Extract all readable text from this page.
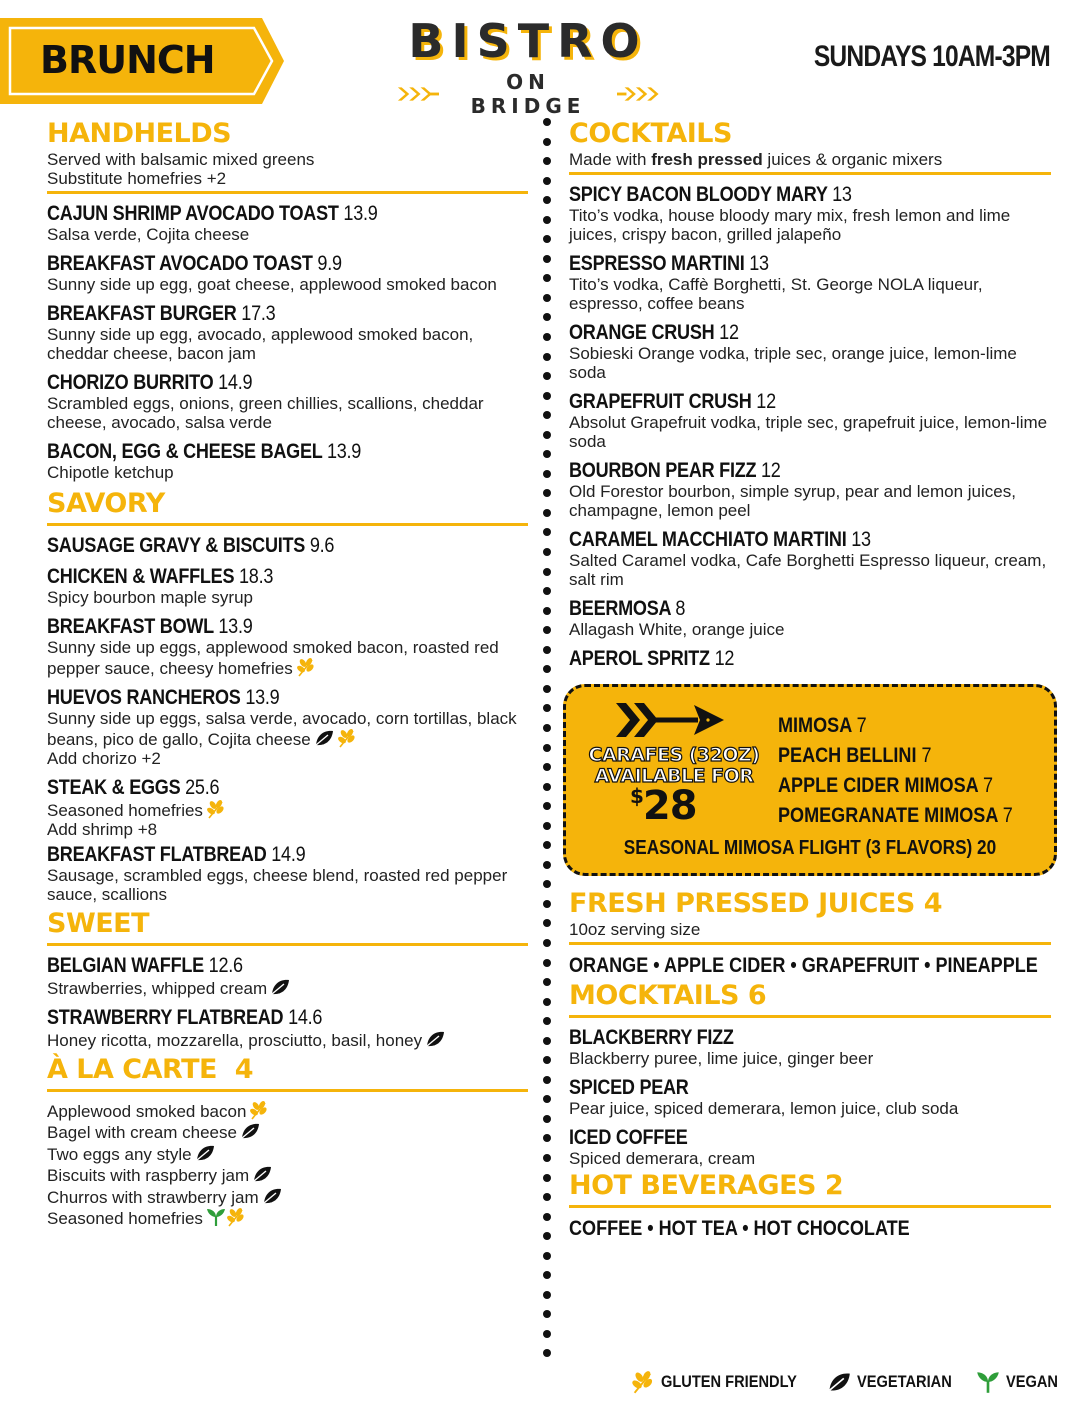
BRUNCH	BISTRO
ON BRIDGE
SUNDAYS 10AM-3PM
HANDHELDS
Served with balsamic mixed greens
Substitute homefries +2
CAJUN SHRIMP AVOCADO TOAST 13.9
Salsa verde, Cojita cheese
BREAKFAST AVOCADO TOAST 9.9
Sunny side up egg, goat cheese, applewood smoked bacon
BREAKFAST BURGER 17.3
Sunny side up egg, avocado, applewood smoked bacon, cheddar cheese, bacon jam
CHORIZO BURRITO 14.9
Scrambled eggs, onions, green chillies, scallions, cheddar cheese, avocado, salsa verde
BACON, EGG & CHEESE BAGEL 13.9
Chipotle ketchup
SAVORY
SAUSAGE GRAVY & BISCUITS 9.6
CHICKEN & WAFFLES 18.3
Spicy bourbon maple syrup
BREAKFAST BOWL 13.9
Sunny side up eggs, applewood smoked bacon, roasted red pepper sauce, cheesy homefries
HUEVOS RANCHEROS 13.9
Sunny side up eggs, salsa verde, avocado, corn tortillas, black beans, pico de gallo, Cojita cheese
Add chorizo +2
STEAK & EGGS 25.6
Seasoned homefries
Add shrimp +8
BREAKFAST FLATBREAD 14.9
Sausage, scrambled eggs, cheese blend, roasted red pepper sauce, scallions
SWEET
BELGIAN WAFFLE 12.6
Strawberries, whipped cream
STRAWBERRY FLATBREAD 14.6
Honey ricotta, mozzarella, prosciutto, basil, honey
À LA CARTE  4
Applewood smoked bacon
Bagel with cream cheese
Two eggs any style
Biscuits with raspberry jam
Churros with strawberry jam
Seasoned homefries
COCKTAILS
Made with fresh pressed juices & organic mixers
SPICY BACON BLOODY MARY 13
Tito’s vodka, house bloody mary mix, fresh lemon and lime juices, crispy bacon, grilled jalapeño
ESPRESSO MARTINI 13
Tito’s vodka, Caffè Borghetti, St. George NOLA liqueur, espresso, coffee beans
ORANGE CRUSH 12
Sobieski Orange vodka, triple sec, orange juice, lemon-lime soda
GRAPEFRUIT CRUSH 12
Absolut Grapefruit vodka, triple sec, grapefruit juice, lemon-lime soda
BOURBON PEAR FIZZ 12
Old Forestor bourbon, simple syrup, pear and lemon juices, champagne, lemon peel
CARAMEL MACCHIATO MARTINI 13
Salted Caramel vodka, Cafe Borghetti Espresso liqueur, cream, salt rim
BEERMOSA 8
Allagash White, orange juice
APEROL SPRITZ 12
CARAFES (32OZ)
AVAILABLE FOR
$28
MIMOSA 7
PEACH BELLINI 7
APPLE CIDER MIMOSA 7
POMEGRANATE MIMOSA 7
SEASONAL MIMOSA FLIGHT (3 FLAVORS) 20
FRESH PRESSED JUICES 4
10oz serving size
ORANGE • APPLE CIDER • GRAPEFRUIT • PINEAPPLE
MOCKTAILS 6
BLACKBERRY FIZZ
Blackberry puree, lime juice, ginger beer
SPICED PEAR
Pear juice, spiced demerara, lemon juice, club soda
ICED COFFEE
Spiced demerara, cream
HOT BEVERAGES 2
COFFEE • HOT TEA • HOT CHOCOLATE
GLUTEN FRIENDLY	VEGETARIAN	VEGAN
